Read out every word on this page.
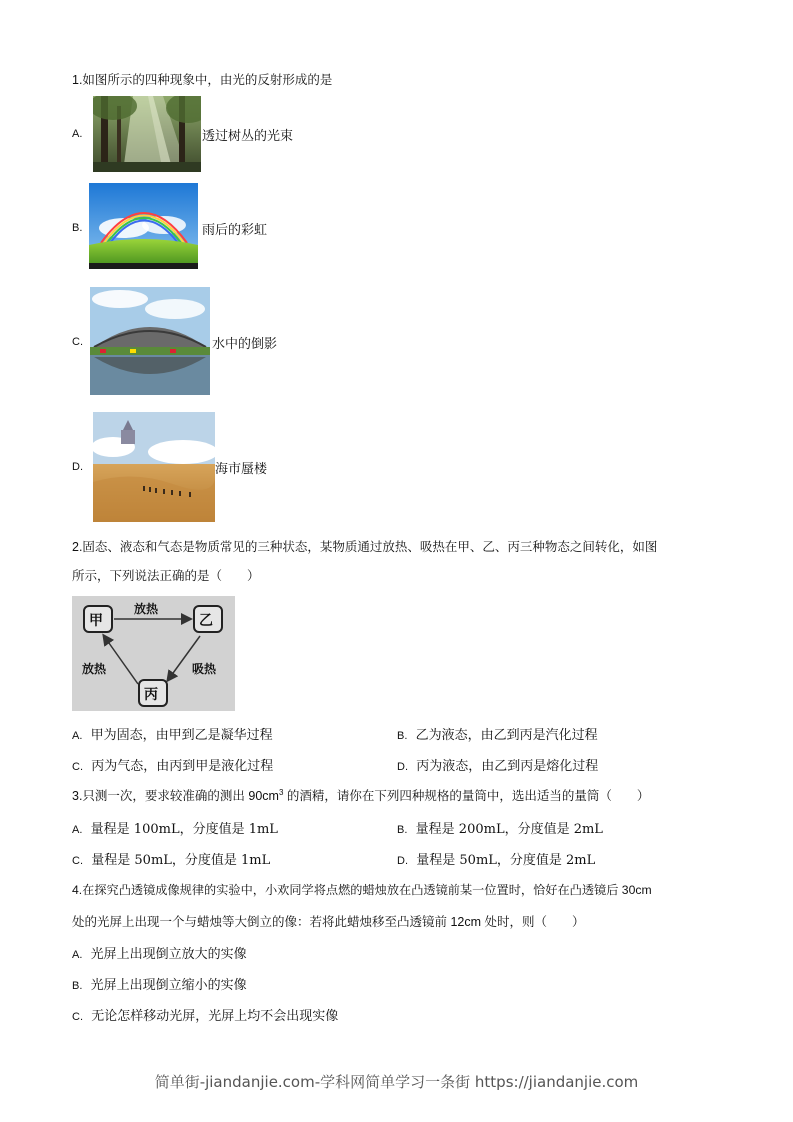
1.如图所示的四种现象中，由光的反射形成的是
A.	透过树丛的光束
B.	雨后的彩虹
C.	水中的倒影
D.	海市蜃楼
2.固态、液态和气态是物质常见的三种状态，某物质通过放热、吸热在甲、乙、丙三种物态之间转化，如图
所示，下列说法正确的是（　　）
甲	乙
丙
放热
放热	吸热
A. 甲为固态，由甲到乙是凝华过程	B. 乙为液态，由乙到丙是汽化过程
C. 丙为气态，由丙到甲是液化过程	D. 丙为液态，由乙到丙是熔化过程
3.只测一次，要求较准确的测出 $90cm^3$ 的酒精，请你在下列四种规格的量筒中，选出适当的量筒（　　）
A. 量程是 100mL，分度值是 1mL	B. 量程是 200mL，分度值是 2mL
C. 量程是 50mL，分度值是 1mL	D. 量程是 50mL，分度值是 2mL
4.在探究凸透镜成像规律的实验中，小欢同学将点燃的蜡烛放在凸透镜前某一位置时，恰好在凸透镜后 30cm
处的光屏上出现一个与蜡烛等大倒立的像：若将此蜡烛移至凸透镜前 12cm 处时，则（　　）
A. 光屏上出现倒立放大的实像
B. 光屏上出现倒立缩小的实像
C. 无论怎样移动光屏，光屏上均不会出现实像
简单街-jiandanjie.com-学科网简单学习一条街 https://jiandanjie.com
